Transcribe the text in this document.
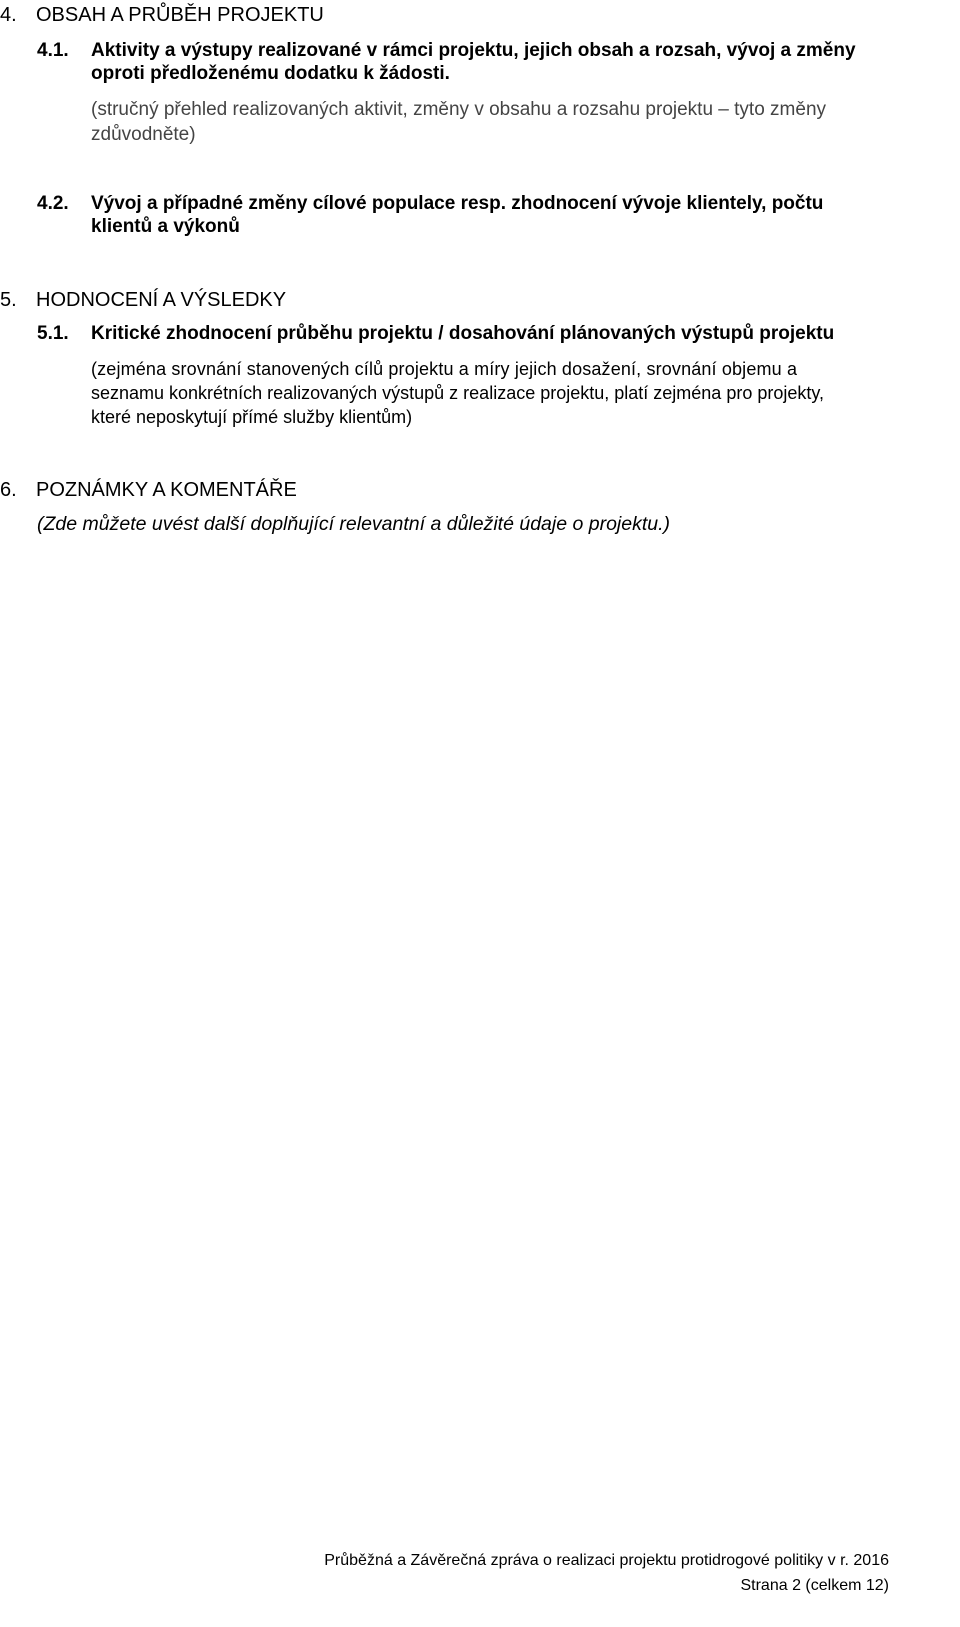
4. OBSAH A PRŮBĚH PROJEKTU
4.1. Aktivity a výstupy realizované v rámci projektu, jejich obsah a rozsah, vývoj a změny
oproti předloženému dodatku k žádosti.
(stručný přehled realizovaných aktivit, změny v obsahu a rozsahu projektu – tyto změny
zdůvodněte)
4.2. Vývoj a případné změny cílové populace resp. zhodnocení vývoje klientely, počtu
klientů a výkonů
5. HODNOCENÍ A VÝSLEDKY
5.1. Kritické zhodnocení průběhu projektu / dosahování plánovaných výstupů projektu
(zejména srovnání stanovených cílů projektu a míry jejich dosažení, srovnání objemu a
seznamu konkrétních realizovaných výstupů z realizace projektu, platí zejména pro projekty,
které neposkytují přímé služby klientům)
6. POZNÁMKY A KOMENTÁŘE
(Zde můžete uvést další doplňující relevantní a důležité údaje o projektu.)
Průběžná a Závěrečná zpráva o realizaci projektu protidrogové politiky v r. 2016
Strana 2 (celkem 12)
